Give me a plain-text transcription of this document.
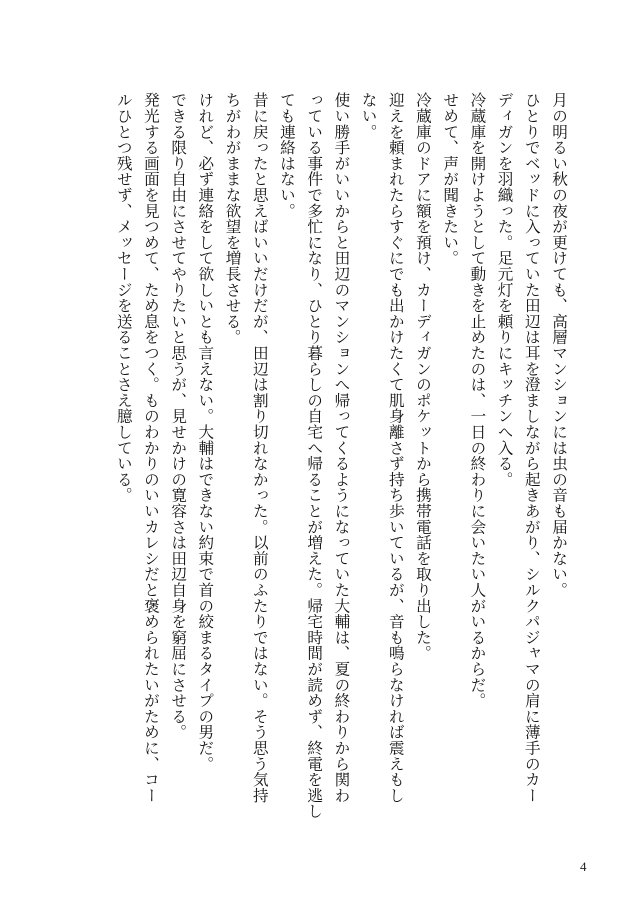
月の明るい秋の夜が更けても、高層マンションには虫の音も届かない。
ひとりでベッドに入っていた田辺は耳を澄ましながら起きあがり、シルクパジャマの肩に薄手のカー
ディガンを羽織った。足元灯を頼りにキッチンへ入る。
冷蔵庫を開けようとして動きを止めたのは、一日の終わりに会いたい人がいるからだ。
せめて、声が聞きたい。
冷蔵庫のドアに額を預け、カーディガンのポケットから携帯電話を取り出した。
迎えを頼まれたらすぐにでも出かけたくて肌身離さず持ち歩いているが、音も鳴らなければ震えもし
ない。
使い勝手がいいからと田辺のマンションへ帰ってくるようになっていた大輔は、夏の終わりから関わ
っている事件で多忙になり、ひとり暮らしの自宅へ帰ることが増えた。帰宅時間が読めず、終電を逃し
ても連絡はない。
昔に戻ったと思えばいいだけだが、田辺は割り切れなかった。以前のふたりではない。そう思う気持
ちがわがままな欲望を増長させる。
けれど、必ず連絡をして欲しいとも言えない。大輔はできない約束で首の絞まるタイプの男だ。
できる限り自由にさせてやりたいと思うが、見せかけの寛容さは田辺自身を窮屈にさせる。
発光する画面を見つめて、ため息をつく。ものわかりのいいカレシだと褒められたいがために、コー
ルひとつ残せず、メッセージを送ることさえ臆している。
4
